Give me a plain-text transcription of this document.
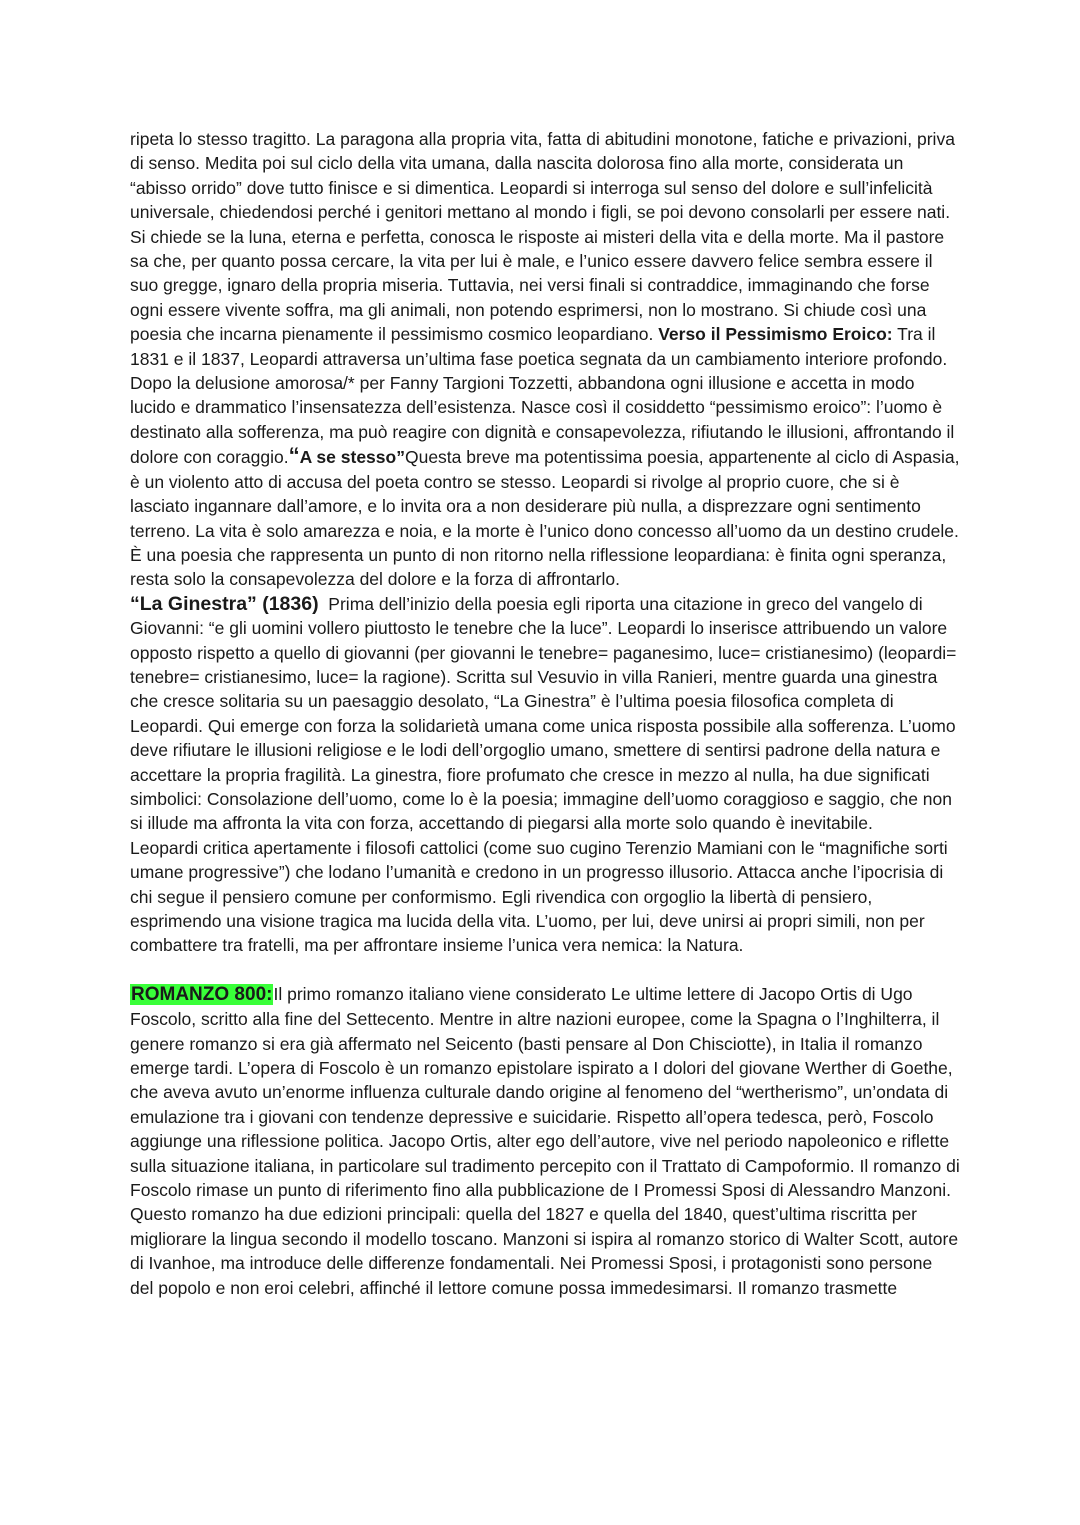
ripeta lo stesso tragitto. La paragona alla propria vita, fatta di abitudini monotone, fatiche e privazioni, priva di senso. Medita poi sul ciclo della vita umana, dalla nascita dolorosa fino alla morte, considerata un “abisso orrido” dove tutto finisce e si dimentica. Leopardi si interroga sul senso del dolore e sull’infelicità universale, chiedendosi perché i genitori mettano al mondo i figli, se poi devono consolarli per essere nati. Si chiede se la luna, eterna e perfetta, conosca le risposte ai misteri della vita e della morte. Ma il pastore sa che, per quanto possa cercare, la vita per lui è male, e l’unico essere davvero felice sembra essere il suo gregge, ignaro della propria miseria. Tuttavia, nei versi finali si contraddice, immaginando che forse ogni essere vivente soffra, ma gli animali, non potendo esprimersi, non lo mostrano. Si chiude così una poesia che incarna pienamente il pessimismo cosmico leopardiano. Verso il Pessimismo Eroico: Tra il 1831 e il 1837, Leopardi attraversa un’ultima fase poetica segnata da un cambiamento interiore profondo. Dopo la delusione amorosa/* per Fanny Targioni Tozzetti, abbandona ogni illusione e accetta in modo lucido e drammatico l’insensatezza dell’esistenza. Nasce così il cosiddetto “pessimismo eroico”: l’uomo è destinato alla sofferenza, ma può reagire con dignità e consapevolezza, rifiutando le illusioni, affrontando il dolore con coraggio.“A se stesso”Questa breve ma potentissima poesia, appartenente al ciclo di Aspasia, è un violento atto di accusa del poeta contro se stesso. Leopardi si rivolge al proprio cuore, che si è lasciato ingannare dall’amore, e lo invita ora a non desiderare più nulla, a disprezzare ogni sentimento terreno. La vita è solo amarezza e noia, e la morte è l’unico dono concesso all’uomo da un destino crudele. È una poesia che rappresenta un punto di non ritorno nella riflessione leopardiana: è finita ogni speranza, resta solo la consapevolezza del dolore e la forza di affrontarlo.

“La Ginestra” (1836)  Prima dell’inizio della poesia egli riporta una citazione in greco del vangelo di Giovanni: “e gli uomini vollero piuttosto le tenebre che la luce”. Leopardi lo inserisce attribuendo un valore opposto rispetto a quello di giovanni (per giovanni le tenebre= paganesimo, luce= cristianesimo) (leopardi= tenebre= cristianesimo, luce= la ragione). Scritta sul Vesuvio in villa Ranieri, mentre guarda una ginestra che cresce solitaria su un paesaggio desolato, “La Ginestra” è l’ultima poesia filosofica completa di Leopardi. Qui emerge con forza la solidarietà umana come unica risposta possibile alla sofferenza. L’uomo deve rifiutare le illusioni religiose e le lodi dell’orgoglio umano, smettere di sentirsi padrone della natura e accettare la propria fragilità. La ginestra, fiore profumato che cresce in mezzo al nulla, ha due significati simbolici: Consolazione dell’uomo, come lo è la poesia; immagine dell’uomo coraggioso e saggio, che non si illude ma affronta la vita con forza, accettando di piegarsi alla morte solo quando è inevitabile.

Leopardi critica apertamente i filosofi cattolici (come suo cugino Terenzio Mamiani con le “magnifiche sorti umane progressive”) che lodano l’umanità e credono in un progresso illusorio. Attacca anche l’ipocrisia di chi segue il pensiero comune per conformismo. Egli rivendica con orgoglio la libertà di pensiero, esprimendo una visione tragica ma lucida della vita. L’uomo, per lui, deve unirsi ai propri simili, non per combattere tra fratelli, ma per affrontare insieme l’unica vera nemica: la Natura.

ROMANZO 800:Il primo romanzo italiano viene considerato Le ultime lettere di Jacopo Ortis di Ugo Foscolo, scritto alla fine del Settecento. Mentre in altre nazioni europee, come la Spagna o l’Inghilterra, il genere romanzo si era già affermato nel Seicento (basti pensare al Don Chisciotte), in Italia il romanzo emerge tardi. L’opera di Foscolo è un romanzo epistolare ispirato a I dolori del giovane Werther di Goethe, che aveva avuto un’enorme influenza culturale dando origine al fenomeno del “wertherismo”, un’ondata di emulazione tra i giovani con tendenze depressive e suicidarie. Rispetto all’opera tedesca, però, Foscolo aggiunge una riflessione politica. Jacopo Ortis, alter ego dell’autore, vive nel periodo napoleonico e riflette sulla situazione italiana, in particolare sul tradimento percepito con il Trattato di Campoformio. Il romanzo di Foscolo rimase un punto di riferimento fino alla pubblicazione de I Promessi Sposi di Alessandro Manzoni. Questo romanzo ha due edizioni principali: quella del 1827 e quella del 1840, quest’ultima riscritta per migliorare la lingua secondo il modello toscano. Manzoni si ispira al romanzo storico di Walter Scott, autore di Ivanhoe, ma introduce delle differenze fondamentali. Nei Promessi Sposi, i protagonisti sono persone del popolo e non eroi celebri, affinché il lettore comune possa immedesimarsi. Il romanzo trasmette
